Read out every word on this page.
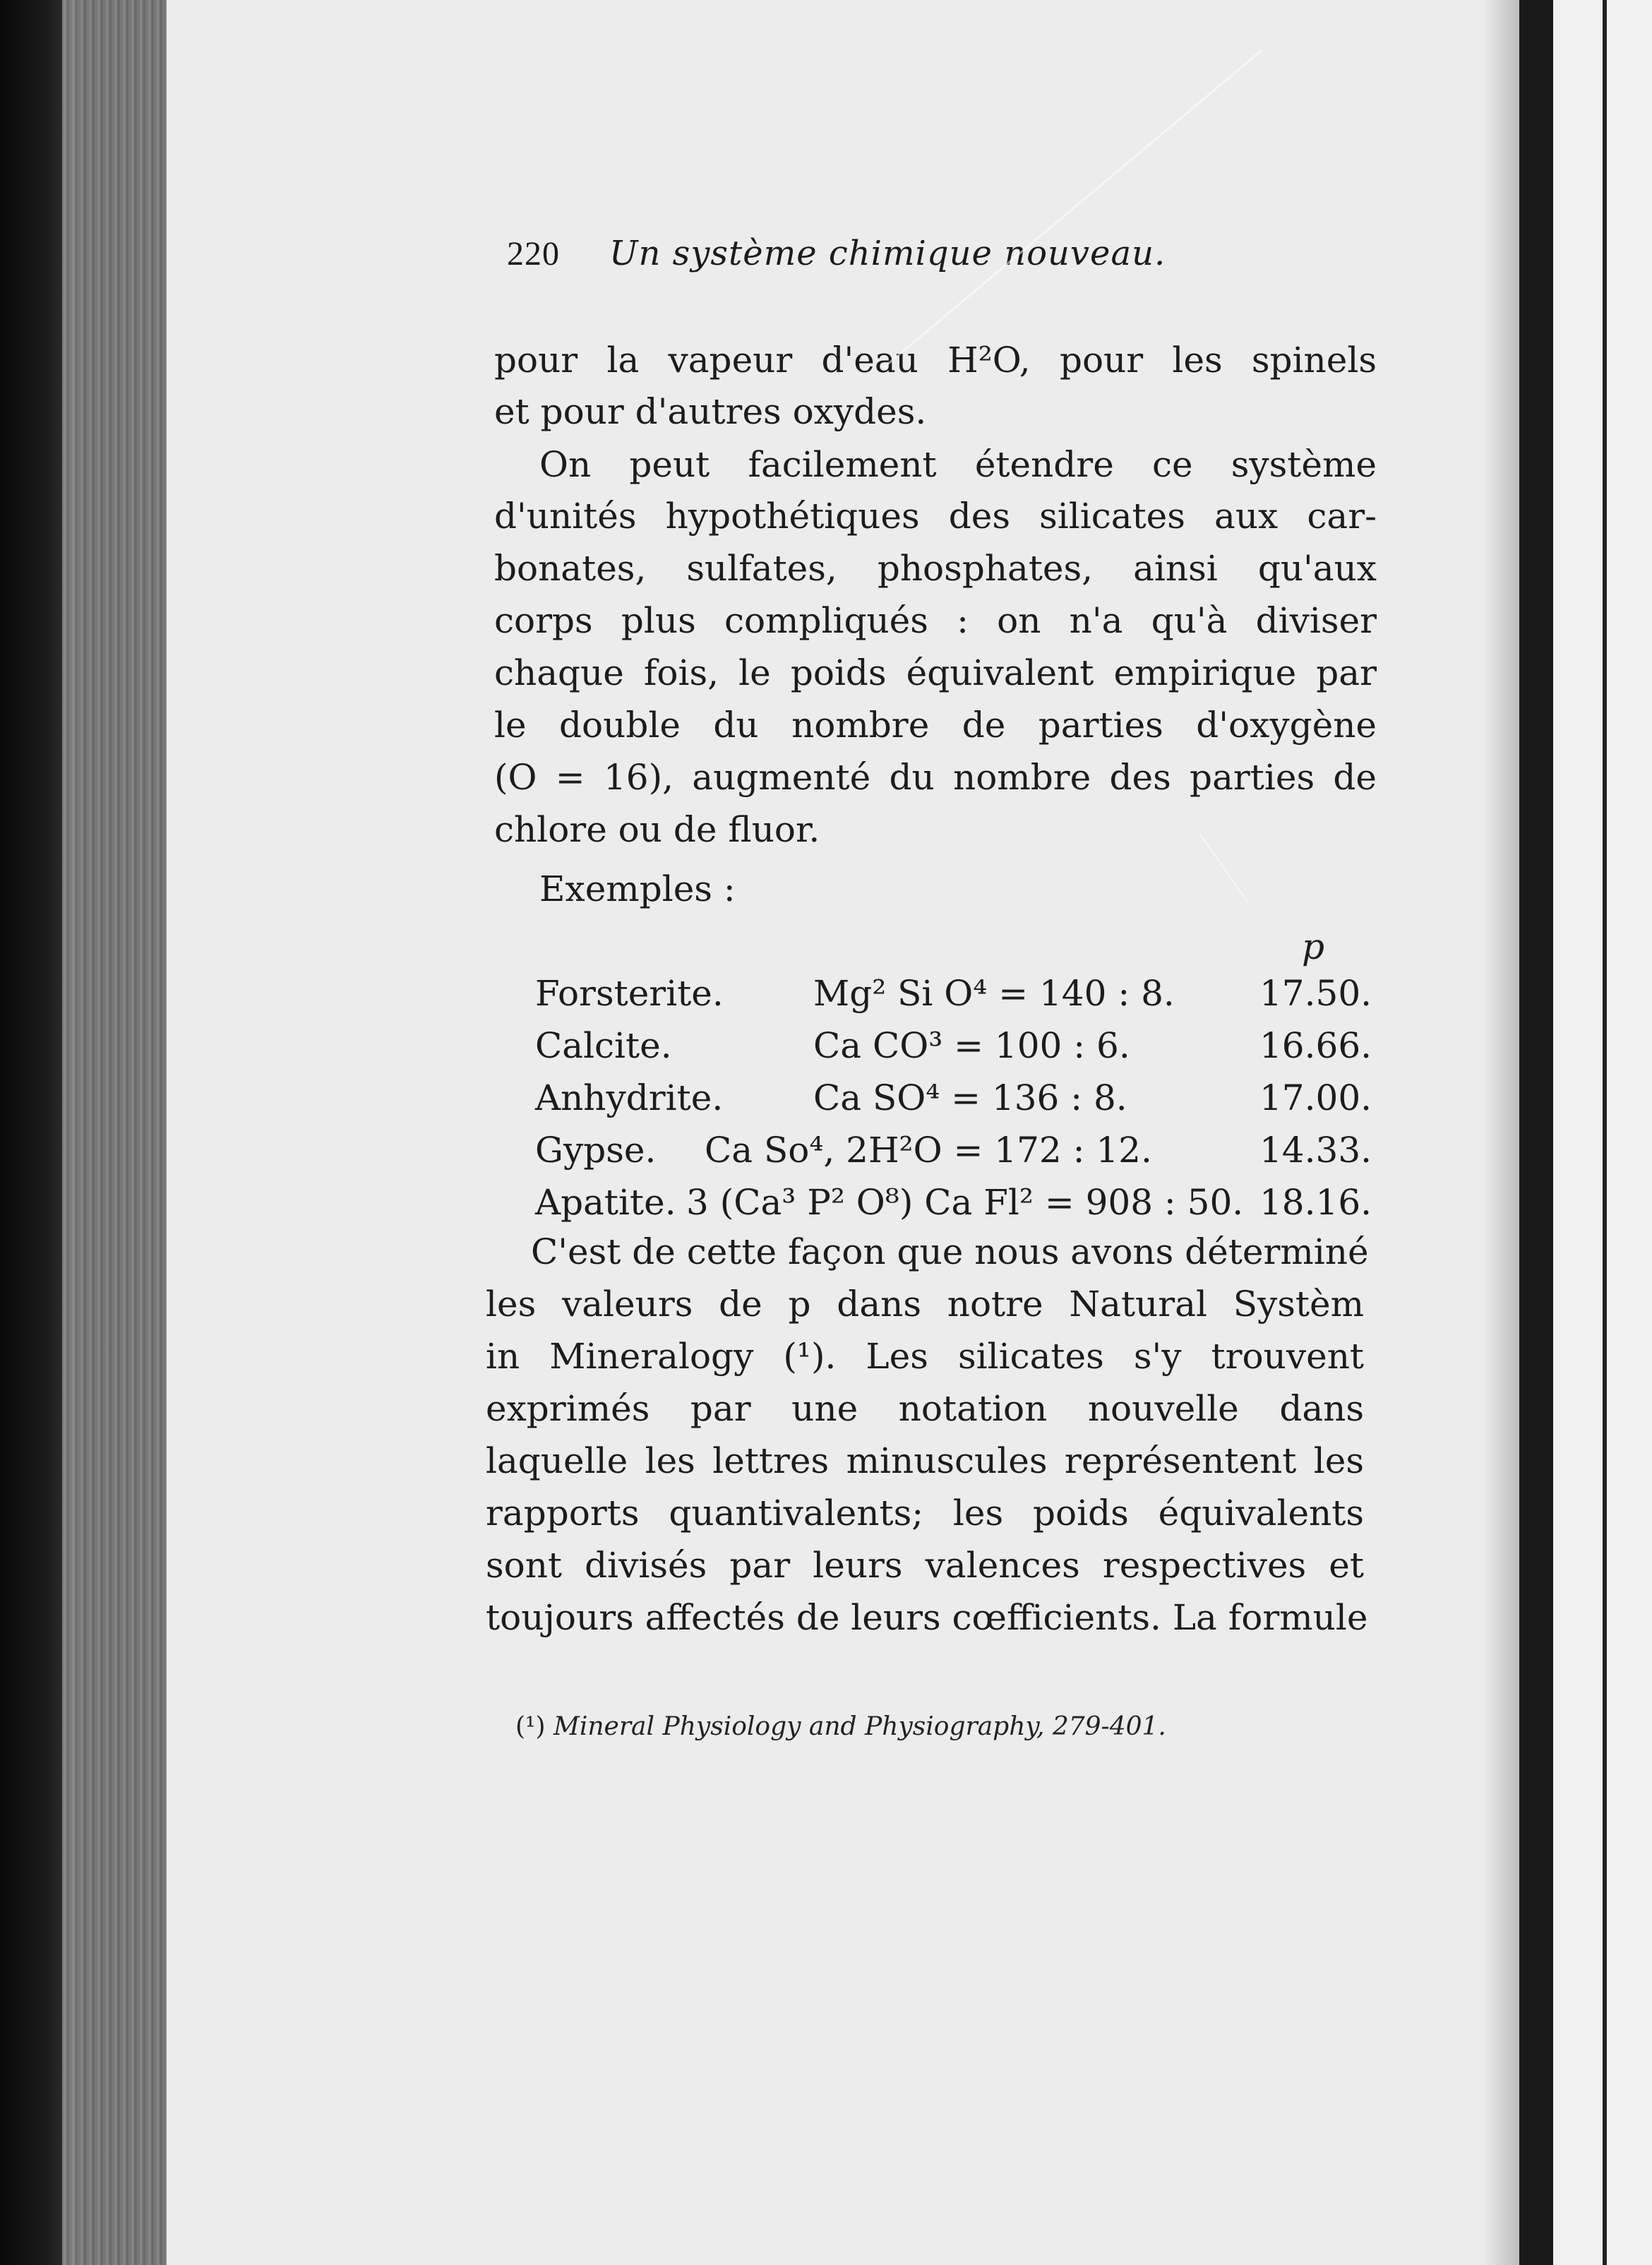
220 Un système chimique nouveau.
pour la vapeur d'eau H²O, pour les spinels
et pour d'autres oxydes.
On peut facilement étendre ce système
d'unités hypothétiques des silicates aux car-
bonates, sulfates, phosphates, ainsi qu'aux
corps plus compliqués : on n'a qu'à diviser
chaque fois, le poids équivalent empirique par
le double du nombre de parties d'oxygène
(O = 16), augmenté du nombre des parties de
chlore ou de fluor.
Exemples :
p
Forsterite.	Mg² Si O⁴ = 140 : 8. 17.50.
Calcite.	Ca CO³ = 100 : 6.	16.66.
Anhydrite.	Ca SO⁴ = 136 : 8.	17.00.
Gypse. Ca So⁴, 2H²O = 172 : 12.	14.33.
Apatite. 3 (Ca³ P² O⁸) Ca Fl² = 908 : 50. 18.16.
C'est de cette façon que nous avons déterminé
les valeurs de p dans notre Natural Systèm
in Mineralogy (¹). Les silicates s'y trouvent
exprimés par une notation nouvelle dans
laquelle les lettres minuscules représentent les
rapports quantivalents; les poids équivalents
sont divisés par leurs valences respectives et
toujours affectés de leurs cœfficients. La formule
(¹) Mineral Physiology and Physiography, 279-401.
